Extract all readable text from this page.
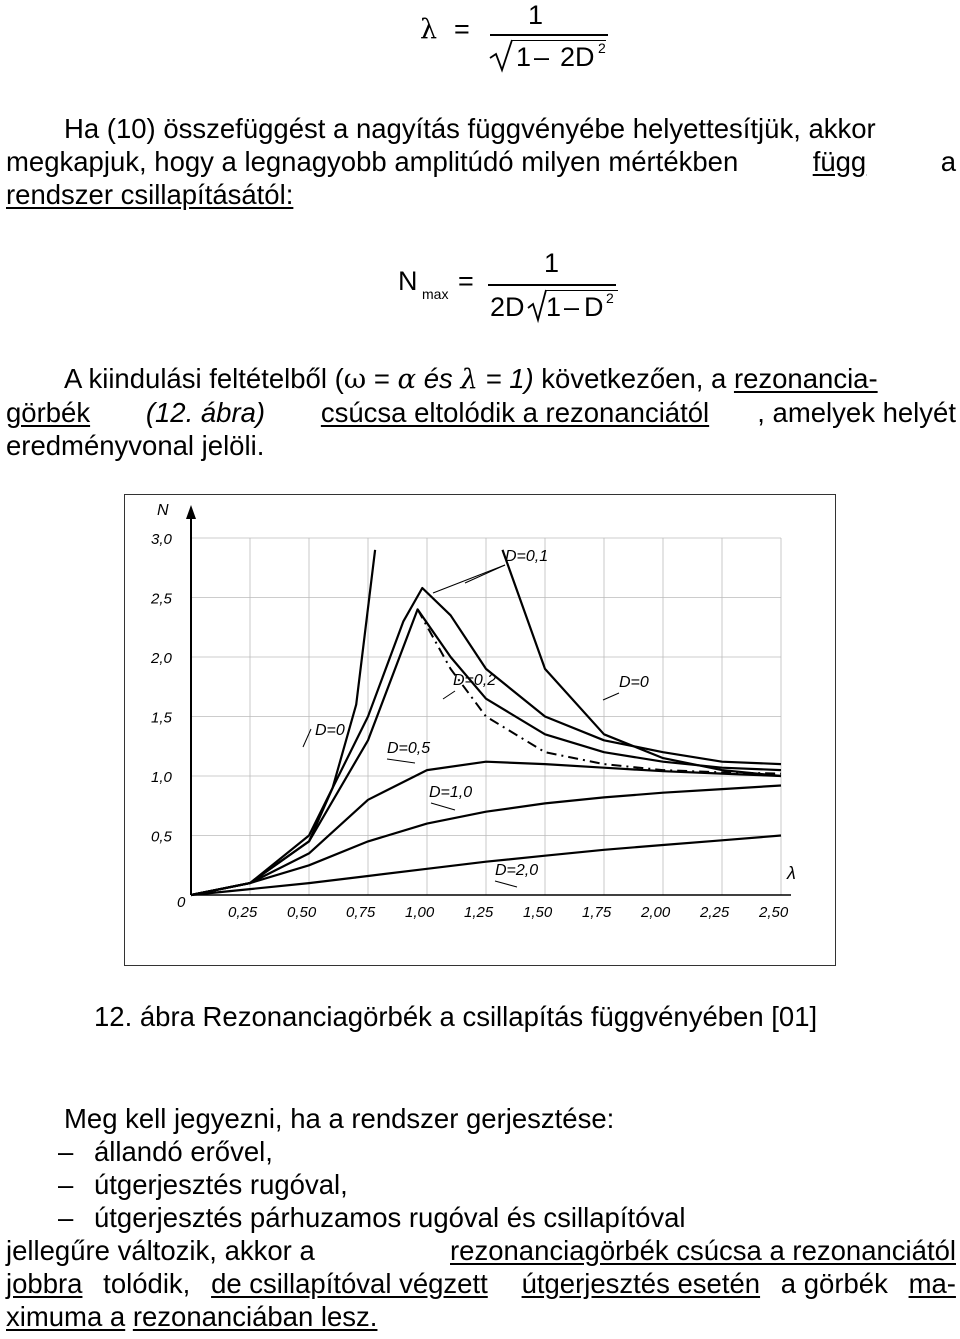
λ = 1
1 – 2D 2
Ha (10) összefüggést a nagyítás függvényébe helyettesítjük, akkor
megkapjuk, hogy a legnagyobb amplitúdó milyen mértékben	függ	a
rendszer csillapításától:
N max =
1
2D 1 – D 2
A kiindulási feltételből (ω = α és λ = 1) következően, a rezonancia-
görbék (12. ábra) csúcsa eltolódik a rezonanciától , amelyek helyét
eredményvonal jelöli.
3,0
2,5
2,0
1,5
1,0
0,5
0
0,25 0,50 0,75 1,00 1,25 1,50 1,75 2,00 2,25 2,50
N
λ
D=0,1
D=0,2	D=0
D=0
D=0,5
D=1,0
D=2,0
12. ábra Rezonanciagörbék a csillapítás függvényében [01]
Meg kell jegyezni, ha a rendszer gerjesztése:
– állandó erővel,
– útgerjesztés rugóval,
– útgerjesztés párhuzamos rugóval és csillapítóval
jellegűre változik, akkor a	rezonanciagörbék csúcsa a rezonanciától
jobbra tolódik, de csillapítóval végzett
útgerjesztés esetén a görbék ma-
ximuma a rezonanciában lesz.
